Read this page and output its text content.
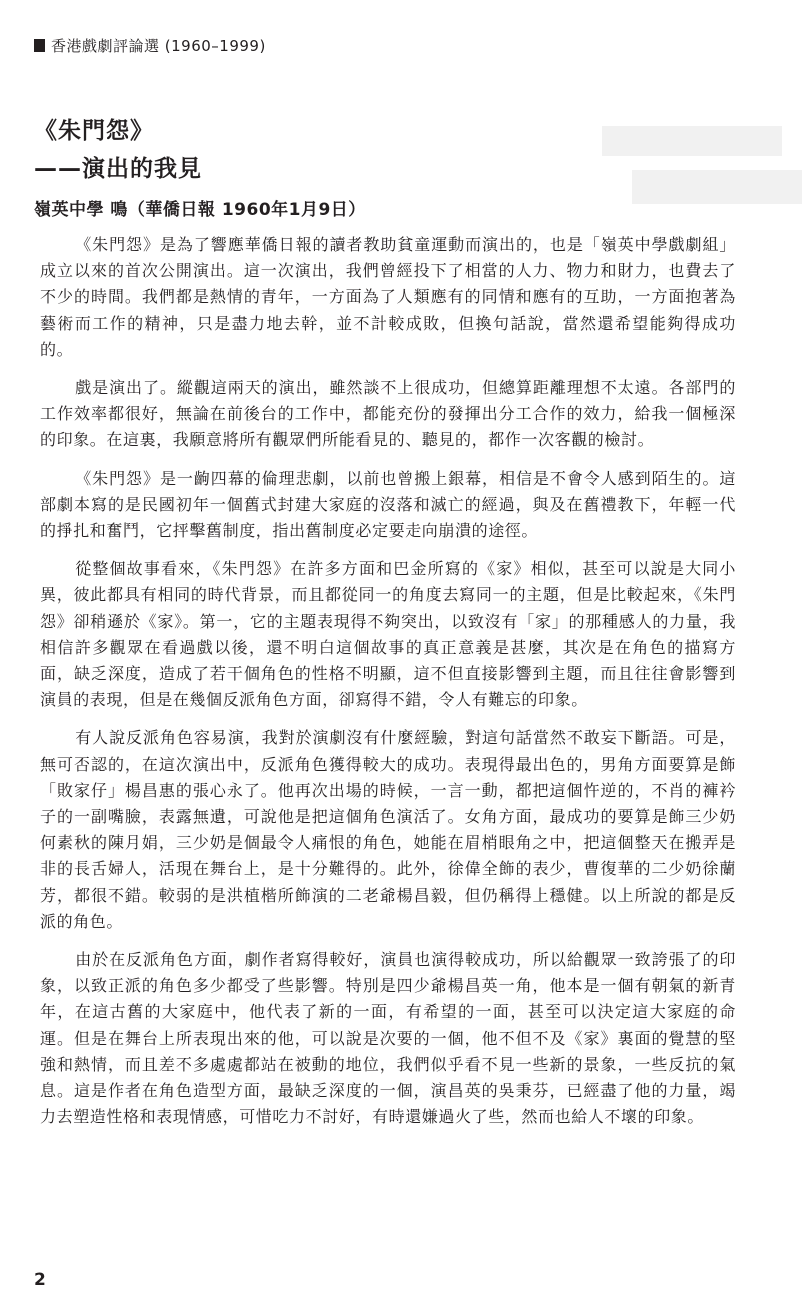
香港戲劇評論選 (1960–1999)
《朱門怨》
——演出的我見

嶺英中學 鳴（華僑日報 1960年1月9日）

《朱門怨》是為了響應華僑日報的讀者教助貧童運動而演出的，也是「嶺英中學戲劇組」成立以來的首次公開演出。這一次演出，我們曾經投下了相當的人力、物力和財力，也費去了不少的時間。我們都是熱情的青年，一方面為了人類應有的同情和應有的互助，一方面抱著為藝術而工作的精神，只是盡力地去幹，並不計較成敗，但換句話說，當然還希望能夠得成功的。

戲是演出了。縱觀這兩天的演出，雖然談不上很成功，但總算距離理想不太遠。各部門的工作效率都很好，無論在前後台的工作中，都能充份的發揮出分工合作的效力，給我一個極深的印象。在這裏，我願意將所有觀眾們所能看見的、聽見的，都作一次客觀的檢討。

《朱門怨》是一齣四幕的倫理悲劇，以前也曾搬上銀幕，相信是不會令人感到陌生的。這部劇本寫的是民國初年一個舊式封建大家庭的沒落和滅亡的經過，與及在舊禮教下，年輕一代的掙扎和奮鬥，它抨擊舊制度，指出舊制度必定要走向崩潰的途徑。

從整個故事看來，《朱門怨》在許多方面和巴金所寫的《家》相似，甚至可以說是大同小異，彼此都具有相同的時代背景，而且都從同一的角度去寫同一的主題，但是比較起來，《朱門怨》卻稍遜於《家》。第一，它的主題表現得不夠突出，以致沒有「家」的那種感人的力量，我相信許多觀眾在看過戲以後，還不明白這個故事的真正意義是甚麼，其次是在角色的描寫方面，缺乏深度，造成了若干個角色的性格不明顯，這不但直接影響到主題，而且往往會影響到演員的表現，但是在幾個反派角色方面，卻寫得不錯，令人有難忘的印象。

有人說反派角色容易演，我對於演劇沒有什麼經驗，對這句話當然不敢妄下斷語。可是，無可否認的，在這次演出中，反派角色獲得較大的成功。表現得最出色的，男角方面要算是飾「敗家仔」楊昌惠的張心永了。他再次出場的時候，一言一動，都把這個忤逆的，不肖的褲衿子的一副嘴臉，表露無遺，可說他是把這個角色演活了。女角方面，最成功的要算是飾三少奶何素秋的陳月娟，三少奶是個最令人痛恨的角色，她能在眉梢眼角之中，把這個整天在搬弄是非的長舌婦人，活現在舞台上，是十分難得的。此外，徐偉全飾的表少，曹復華的二少奶徐蘭芳，都很不錯。較弱的是洪植楷所飾演的二老爺楊昌毅，但仍稱得上穩健。以上所說的都是反派的角色。

由於在反派角色方面，劇作者寫得較好，演員也演得較成功，所以給觀眾一致誇張了的印象，以致正派的角色多少都受了些影響。特別是四少爺楊昌英一角，他本是一個有朝氣的新青年，在這古舊的大家庭中，他代表了新的一面，有希望的一面，甚至可以決定這大家庭的命運。但是在舞台上所表現出來的他，可以說是次要的一個，他不但不及《家》裏面的覺慧的堅強和熱情，而且差不多處處都站在被動的地位，我們似乎看不見一些新的景象，一些反抗的氣息。這是作者在角色造型方面，最缺乏深度的一個，演昌英的吳秉芬，已經盡了他的力量，竭力去塑造性格和表現情感，可惜吃力不討好，有時還嫌過火了些，然而也給人不壞的印象。

2
